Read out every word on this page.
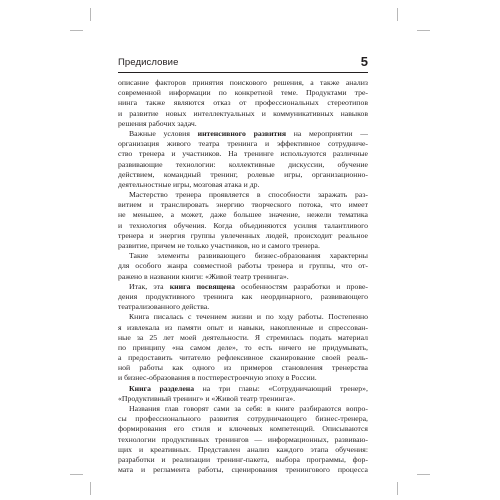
Предисловие	5
описание факторов принятия поискового решения, а также анализ
современной информации по конкретной теме. Продуктами тре-
нинга также являются отказ от профессиональных стереотипов
и развитие новых интеллектуальных и коммуникативных навыков
решения рабочих задач.
Важные условия интенсивного развития на мероприятии —
организация живого театра тренинга и эффективное сотрудниче-
ство тренера и участников. На тренинге используются различные
развивающие технологии: коллективные дискуссии, обучение
действием, командный тренинг, ролевые игры, организационно-
деятельностные игры, мозговая атака и др.
Мастерство тренера проявляется в способности заражать раз-
витием и транслировать энергию творческого потока, что имеет
не меньшее, а может, даже большее значение, нежели тематика
и технология обучения. Когда объединяются усилия талантливого
тренера и энергия группы увлеченных людей, происходит реальное
развитие, причем не только участников, но и самого тренера.
Такие элементы развивающего бизнес-образования характерны
для особого жанра совместной работы тренера и группы, что от-
ражено в названии книги: «Живой театр тренинга».
Итак, эта книга посвящена особенностям разработки и прове-
дения продуктивного тренинга как неординарного, развивающего
театрализованного действа.
Книга писалась с течением жизни и по ходу работы. Постепенно
я извлекала из памяти опыт и навыки, накопленные и спрессован-
ные за 25 лет моей деятельности. Я стремилась подать материал
по принципу «на самом деле», то есть ничего не придумывать,
а предоставить читателю рефлексивное сканирование своей реаль-
ной работы как одного из примеров становления тренерства
и бизнес-образования в постперестроечную эпоху в России.
Книга разделена на три главы: «Сотрудничающий тренер»,
«Продуктивный тренинг» и «Живой театр тренинга».
Названия глав говорят сами за себя: в книге разбираются вопро-
сы профессионального развития сотрудничающего бизнес-тренера,
формирования его стиля и ключевых компетенций. Описываются
технологии продуктивных тренингов — информационных, развиваю-
щих и креативных. Представлен анализ каждого этапа обучения:
разработки и реализации тренинг-пакета, выбора программы, фор-
мата и регламента работы, сценирования тренингового процесса
